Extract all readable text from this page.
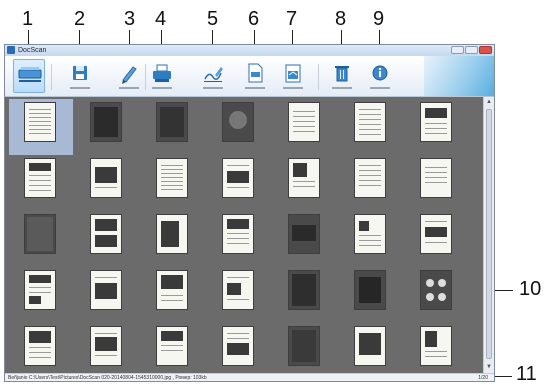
1 2 3 4 5 6 7 8 9
10
11
DocScan
▲
▼
Beñjanio C:\Users\Test\Pictures\DocScan 020-20140804-1545310000.jpg , Ромер: 103kb	1/20
